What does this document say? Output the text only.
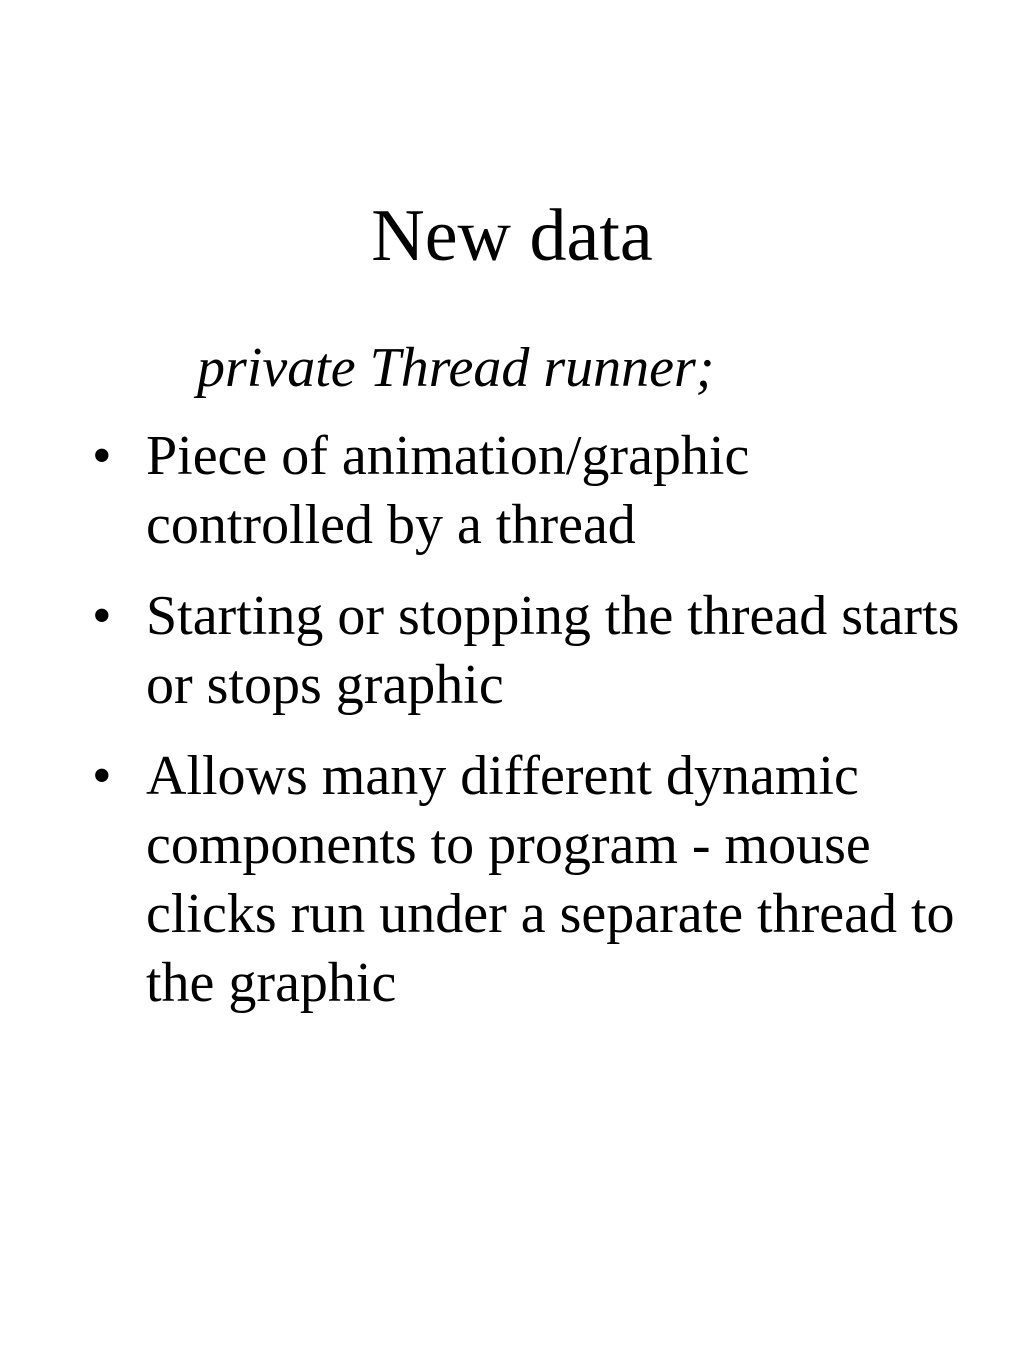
New data
private Thread runner;
• Piece of animation/graphic controlled by a thread
• Starting or stopping the thread starts or stops graphic
• Allows many different dynamic components to program - mouse clicks run under a separate thread to the graphic
